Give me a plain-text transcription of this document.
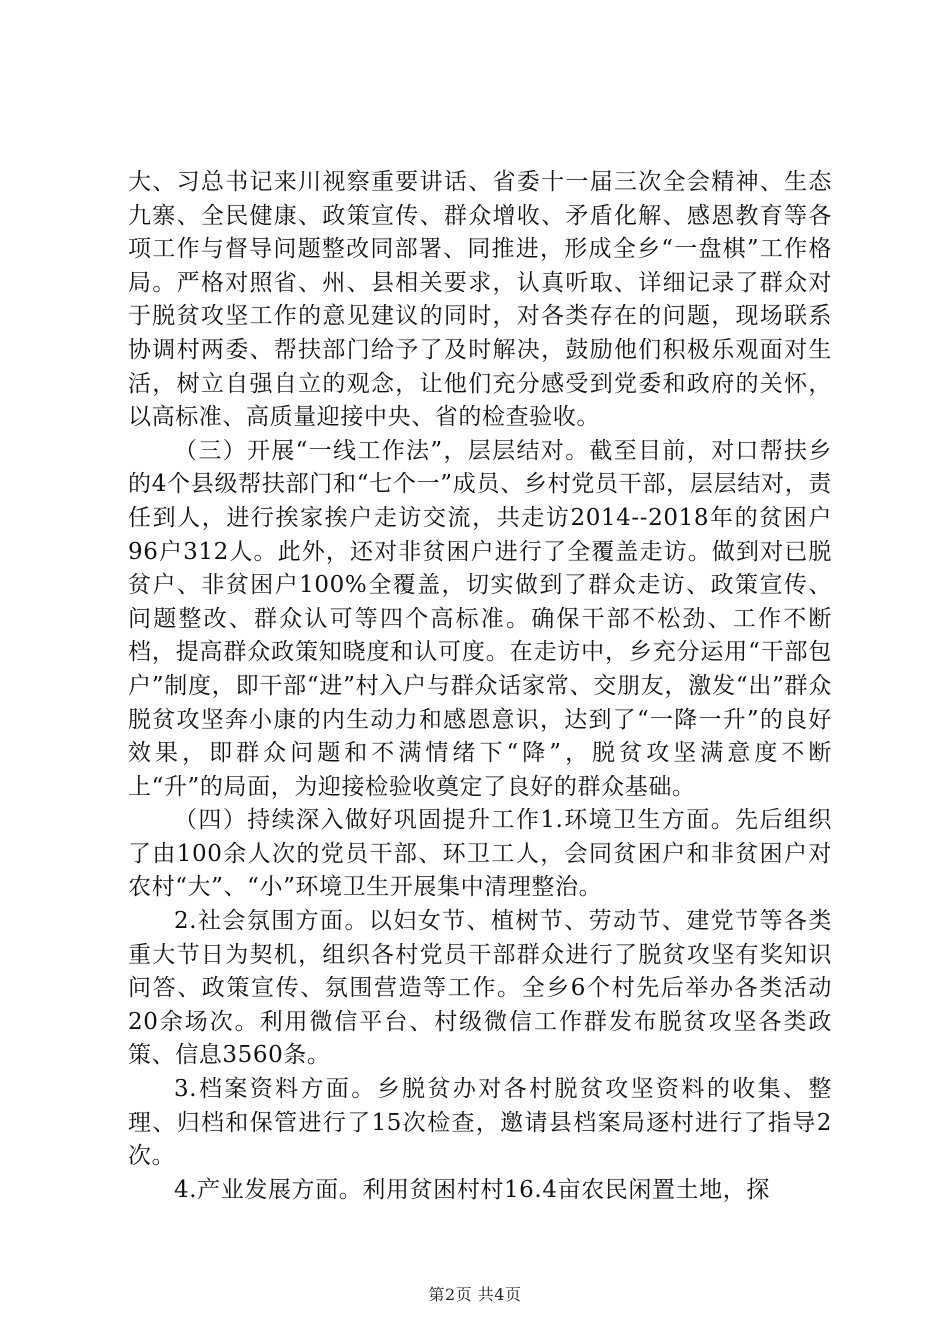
大、习总书记来川视察重要讲话、省委十一届三次全会精神、生态九寨、全民健康、政策宣传、群众增收、矛盾化解、感恩教育等各项工作与督导问题整改同部署、同推进，形成全乡“一盘棋”工作格局。严格对照省、州、县相关要求，认真听取、详细记录了群众对于脱贫攻坚工作的意见建议的同时，对各类存在的问题，现场联系协调村两委、帮扶部门给予了及时解决，鼓励他们积极乐观面对生活，树立自强自立的观念，让他们充分感受到党委和政府的关怀，以高标准、高质量迎接中央、省的检查验收。

（三）开展“一线工作法”，层层结对。截至目前，对口帮扶乡的4个县级帮扶部门和“七个一”成员、乡村党员干部，层层结对，责任到人，进行挨家挨户走访交流，共走访2014--2018年的贫困户96户312人。此外，还对非贫困户进行了全覆盖走访。做到对已脱贫户、非贫困户100%全覆盖，切实做到了群众走访、政策宣传、问题整改、群众认可等四个高标准。确保干部不松劲、工作不断档，提高群众政策知晓度和认可度。在走访中，乡充分运用“干部包户”制度，即干部“进”村入户与群众话家常、交朋友，激发“出”群众脱贫攻坚奔小康的内生动力和感恩意识，达到了“一降一升”的良好效果，即群众问题和不满情绪下“降”，脱贫攻坚满意度不断上“升”的局面，为迎接检验收奠定了良好的群众基础。

（四）持续深入做好巩固提升工作1.环境卫生方面。先后组织了由100余人次的党员干部、环卫工人，会同贫困户和非贫困户对农村“大”、“小”环境卫生开展集中清理整治。

2.社会氛围方面。以妇女节、植树节、劳动节、建党节等各类重大节日为契机，组织各村党员干部群众进行了脱贫攻坚有奖知识问答、政策宣传、氛围营造等工作。全乡6个村先后举办各类活动20余场次。利用微信平台、村级微信工作群发布脱贫攻坚各类政策、信息3560条。

3.档案资料方面。乡脱贫办对各村脱贫攻坚资料的收集、整理、归档和保管进行了15次检查，邀请县档案局逐村进行了指导2次。

4.产业发展方面。利用贫困村村16.4亩农民闲置土地，探

第2页 共4页
